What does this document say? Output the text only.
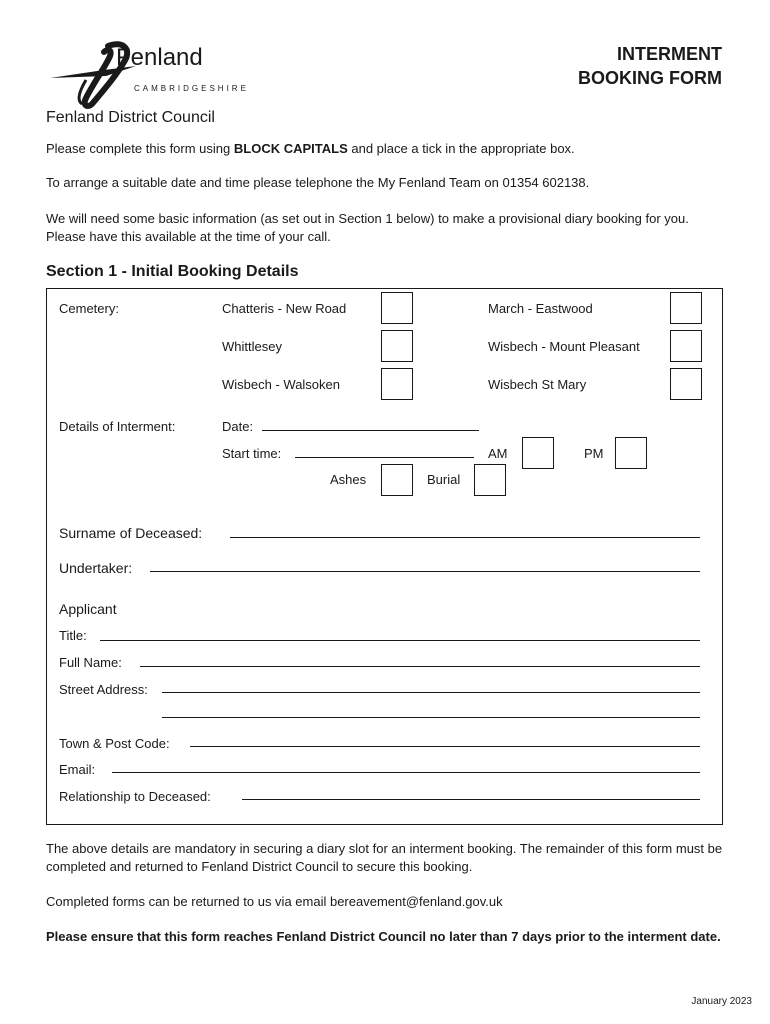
Fenland
CAMBRIDGESHIRE
Fenland District Council
INTERMENT
BOOKING FORM
Please complete this form using BLOCK CAPITALS and place a tick in the appropriate box.
To arrange a suitable date and time please telephone the My Fenland Team on 01354 602138.
We will need some basic information (as set out in Section 1 below) to make a provisional diary booking for you. Please have this available at the time of your call.
Section 1 - Initial Booking Details
Cemetery:	Chatteris - New Road	March - Eastwood
Whittlesey	Wisbech - Mount Pleasant
Wisbech - Walsoken	Wisbech St Mary
Details of Interment:	Date:
Start time:	AM	PM
Ashes	Burial
Surname of Deceased:
Undertaker:
Applicant
Title:
Full Name:
Street Address:
Town & Post Code:
Email:
Relationship to Deceased:
The above details are mandatory in securing a diary slot for an interment booking. The remainder of this form must be completed and returned to Fenland District Council to secure this booking.
Completed forms can be returned to us via email bereavement@fenland.gov.uk
Please ensure that this form reaches Fenland District Council no later than 7 days prior to the interment date.
January 2023
